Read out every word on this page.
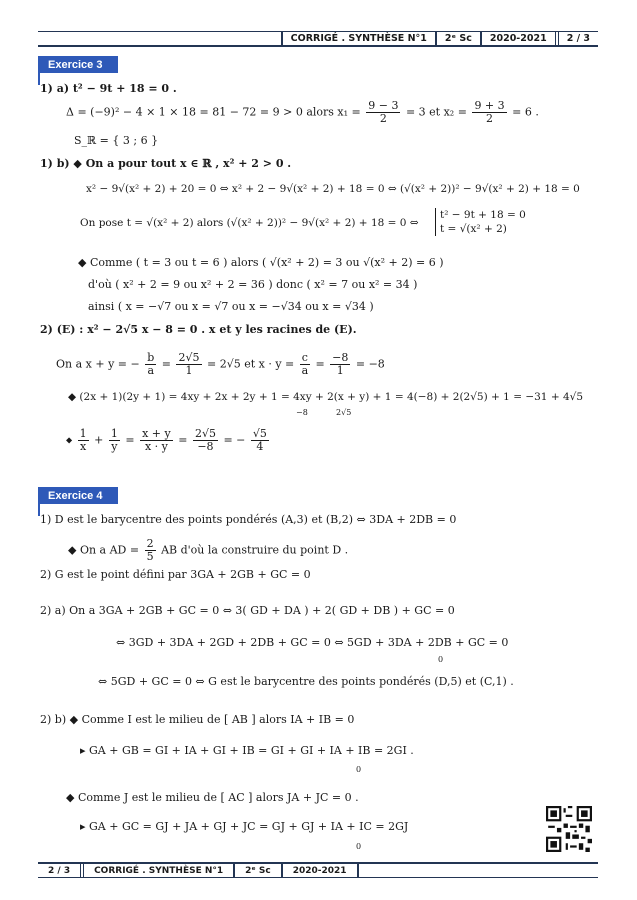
CORRIGÉ . SYNTHÈSE N°1	2ᵉ Sc	2020-2021	2 / 3
Exercice 3
1) a) t² − 9t + 18 = 0 .
Δ = (−9)² − 4 × 1 × 18 = 81 − 72 = 9 > 0 alors $x_1 = \frac{9 - 3}{2} = 3$ et $x_2 = \frac{9 + 3}{2} = 6$ .
S_ℝ = { 3 ; 6 }
1) b) ◆ On a pour tout x ∈ ℝ , x² + 2 > 0 .
x² − 9√(x² + 2) + 20 = 0 ⇔ x² + 2 − 9√(x² + 2) + 18 = 0 ⇔ (√(x² + 2))² − 9√(x² + 2) + 18 = 0
On pose t = √(x² + 2) alors (√(x² + 2))² − 9√(x² + 2) + 18 = 0 ⇔
t² − 9t + 18 = 0
t = √(x² + 2)
◆ Comme ( t = 3 ou t = 6 ) alors ( √(x² + 2) = 3 ou √(x² + 2) = 6 )
d'où ( x² + 2 = 9 ou x² + 2 = 36 ) donc ( x² = 7 ou x² = 34 )
ainsi ( x = −√7 ou x = √7 ou x = −√34 ou x = √34 )
2) (E) : x² − 2√5 x − 8 = 0 . x et y les racines de (E).
On a x + y = − $\frac{b}{a} = \frac{2√5}{1} = 2√5$ et $x \cdot y = \frac{c}{a} = \frac{-8}{1} = -8$
◆ (2x + 1)(2y + 1) = 4xy + 2x + 2y + 1 = 4xy + 2(x + y) + 1 = 4(−8) + 2(2√5) + 1 = −31 + 4√5
−8	2√5
◆ $\frac{1}{x} + \frac{1}{y} = \frac{x + y}{x \cdot y} = \frac{2√5}{-8}$ = − $\frac{√5}{4}$
Exercice 4
1) D est le barycentre des points pondérés (A,3) et (B,2) ⇔ 3DA + 2DB = 0
◆ On a AD = $\frac{2}{5}$ AB d'où la construire du point D .
2) G est le point défini par 3GA + 2GB + GC = 0
2) a) On a 3GA + 2GB + GC = 0 ⇔ 3( GD + DA ) + 2( GD + DB ) + GC = 0
⇔ 3GD + 3DA + 2GD + 2DB + GC = 0 ⇔ 5GD + 3DA + 2DB + GC = 0
0
⇔ 5GD + GC = 0 ⇔ G est le barycentre des points pondérés (D,5) et (C,1) .
2) b) ◆ Comme I est le milieu de [ AB ] alors IA + IB = 0
▸ GA + GB = GI + IA + GI + IB = GI + GI + IA + IB = 2GI .
0
◆ Comme J est le milieu de [ AC ] alors JA + JC = 0 .
▸ GA + GC = GJ + JA + GJ + JC = GJ + GJ + IA + IC = 2GJ
0
2 / 3	CORRIGÉ . SYNTHÈSE N°1	2ᵉ Sc	2020-2021
